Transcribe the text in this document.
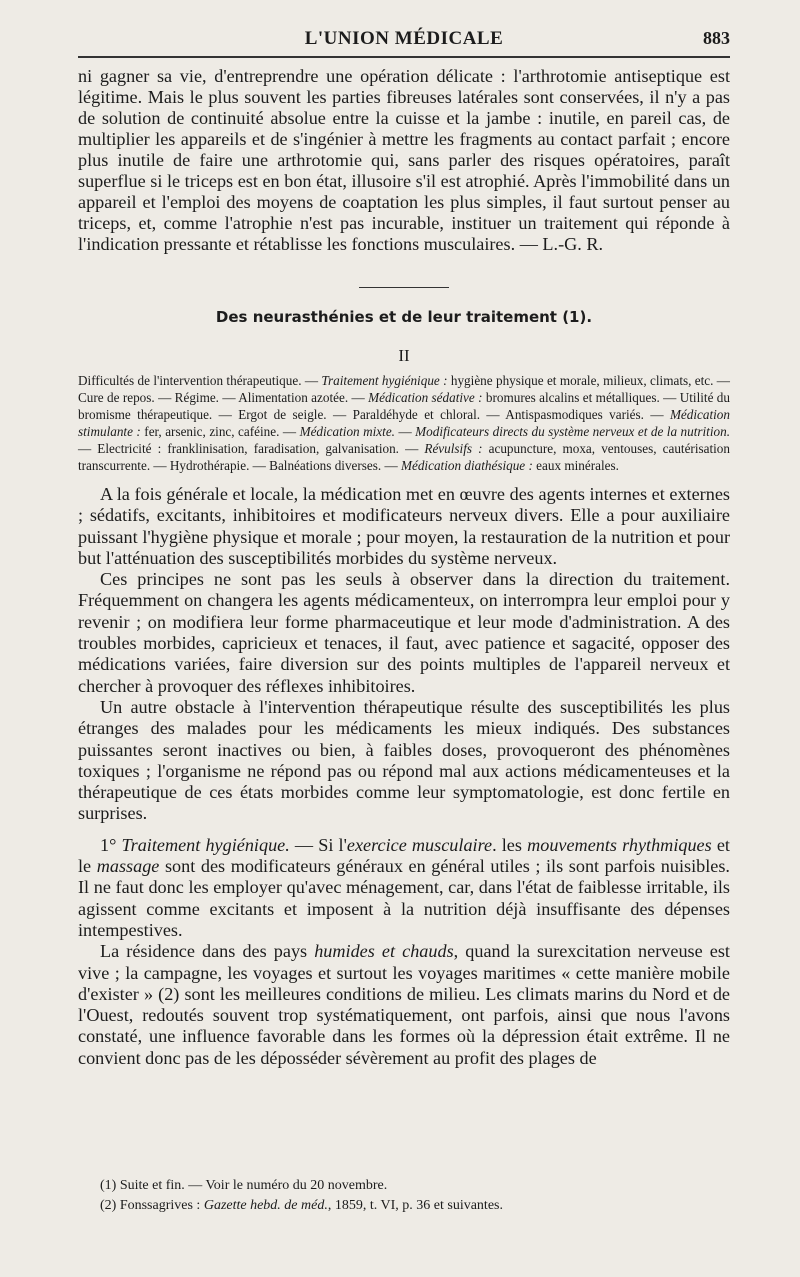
L'UNION MÉDICALE	883

ni gagner sa vie, d'entreprendre une opération délicate : l'arthrotomie antiseptique est légitime. Mais le plus souvent les parties fibreuses latérales sont conservées, il n'y a pas de solution de continuité absolue entre la cuisse et la jambe : inutile, en pareil cas, de multiplier les appareils et de s'ingénier à mettre les fragments au contact parfait ; encore plus inutile de faire une arthrotomie qui, sans parler des risques opératoires, paraît superflue si le triceps est en bon état, illusoire s'il est atrophié. Après l'immobilité dans un appareil et l'emploi des moyens de coaptation les plus simples, il faut surtout penser au triceps, et, comme l'atrophie n'est pas incurable, instituer un traitement qui réponde à l'indication pressante et rétablisse les fonctions musculaires. — L.-G. R.

Des neurasthénies et de leur traitement (1).
II
Difficultés de l'intervention thérapeutique. — Traitement hygiénique : hygiène physique et morale, milieux, climats, etc. — Cure de repos. — Régime. — Alimentation azotée. — Médication sédative : bromures alcalins et métalliques. — Utilité du bromisme thérapeutique. — Ergot de seigle. — Paraldéhyde et chloral. — Antispasmodiques variés. — Médication stimulante : fer, arsenic, zinc, caféine. — Médication mixte. — Modificateurs directs du système nerveux et de la nutrition. — Electricité : franklinisation, faradisation, galvanisation. — Révulsifs : acupuncture, moxa, ventouses, cautérisation transcurrente. — Hydrothérapie. — Balnéations diverses. — Médication diathésique : eaux minérales.

A la fois générale et locale, la médication met en œuvre des agents internes et externes ; sédatifs, excitants, inhibitoires et modificateurs nerveux divers. Elle a pour auxiliaire puissant l'hygiène physique et morale ; pour moyen, la restauration de la nutrition et pour but l'atténuation des susceptibilités morbides du système nerveux.

Ces principes ne sont pas les seuls à observer dans la direction du traitement. Fréquemment on changera les agents médicamenteux, on interrompra leur emploi pour y revenir ; on modifiera leur forme pharmaceutique et leur mode d'administration. A des troubles morbides, capricieux et tenaces, il faut, avec patience et sagacité, opposer des médications variées, faire diversion sur des points multiples de l'appareil nerveux et chercher à provoquer des réflexes inhibitoires.

Un autre obstacle à l'intervention thérapeutique résulte des susceptibilités les plus étranges des malades pour les médicaments les mieux indiqués. Des substances puissantes seront inactives ou bien, à faibles doses, provoqueront des phénomènes toxiques ; l'organisme ne répond pas ou répond mal aux actions médicamenteuses et la thérapeutique de ces états morbides comme leur symptomatologie, est donc fertile en surprises.

1° Traitement hygiénique. — Si l'exercice musculaire. les mouvements rhythmiques et le massage sont des modificateurs généraux en général utiles ; ils sont parfois nuisibles. Il ne faut donc les employer qu'avec ménagement, car, dans l'état de faiblesse irritable, ils agissent comme excitants et imposent à la nutrition déjà insuffisante des dépenses intempestives.

La résidence dans des pays humides et chauds, quand la surexcitation nerveuse est vive ; la campagne, les voyages et surtout les voyages maritimes « cette manière mobile d'exister » (2) sont les meilleures conditions de milieu. Les climats marins du Nord et de l'Ouest, redoutés souvent trop systématiquement, ont parfois, ainsi que nous l'avons constaté, une influence favorable dans les formes où la dépression était extrême. Il ne convient donc pas de les déposséder sévèrement au profit des plages de

(1) Suite et fin. — Voir le numéro du 20 novembre.
(2) Fonssagrives : Gazette hebd. de méd., 1859, t. VI, p. 36 et suivantes.
